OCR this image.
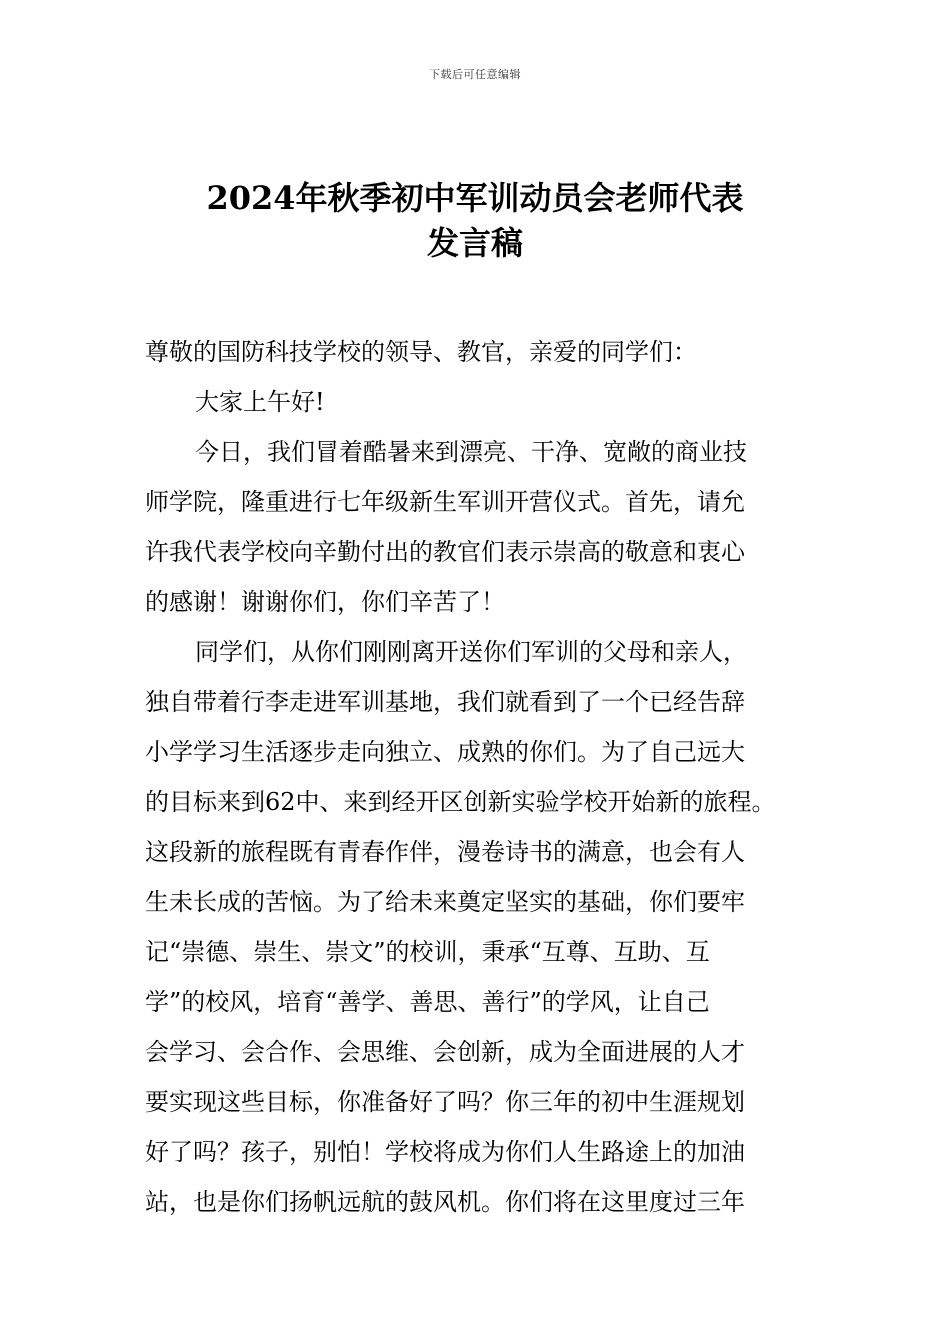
下载后可任意编辑
2024年秋季初中军训动员会老师代表
发言稿
尊敬的国防科技学校的领导、教官，亲爱的同学们：
大家上午好!
今日，我们冒着酷暑来到漂亮、干净、宽敞的商业技
师学院，隆重进行七年级新生军训开营仪式。首先，请允
许我代表学校向辛勤付出的教官们表示崇高的敬意和衷心
的感谢！谢谢你们，你们辛苦了！
同学们，从你们刚刚离开送你们军训的父母和亲人，
独自带着行李走进军训基地，我们就看到了一个已经告辞
小学学习生活逐步走向独立、成熟的你们。为了自己远大
的目标来到62中、来到经开区创新实验学校开始新的旅程。
这段新的旅程既有青春作伴，漫卷诗书的满意，也会有人
生未长成的苦恼。为了给未来奠定坚实的基础，你们要牢
记“崇德、崇生、崇文”的校训，秉承“互尊、互助、互
学”的校风，培育“善学、善思、善行”的学风，让自己
会学习、会合作、会思维、会创新，成为全面进展的人才
要实现这些目标，你准备好了吗？你三年的初中生涯规划
好了吗？孩子，别怕！学校将成为你们人生路途上的加油
站，也是你们扬帆远航的鼓风机。你们将在这里度过三年
